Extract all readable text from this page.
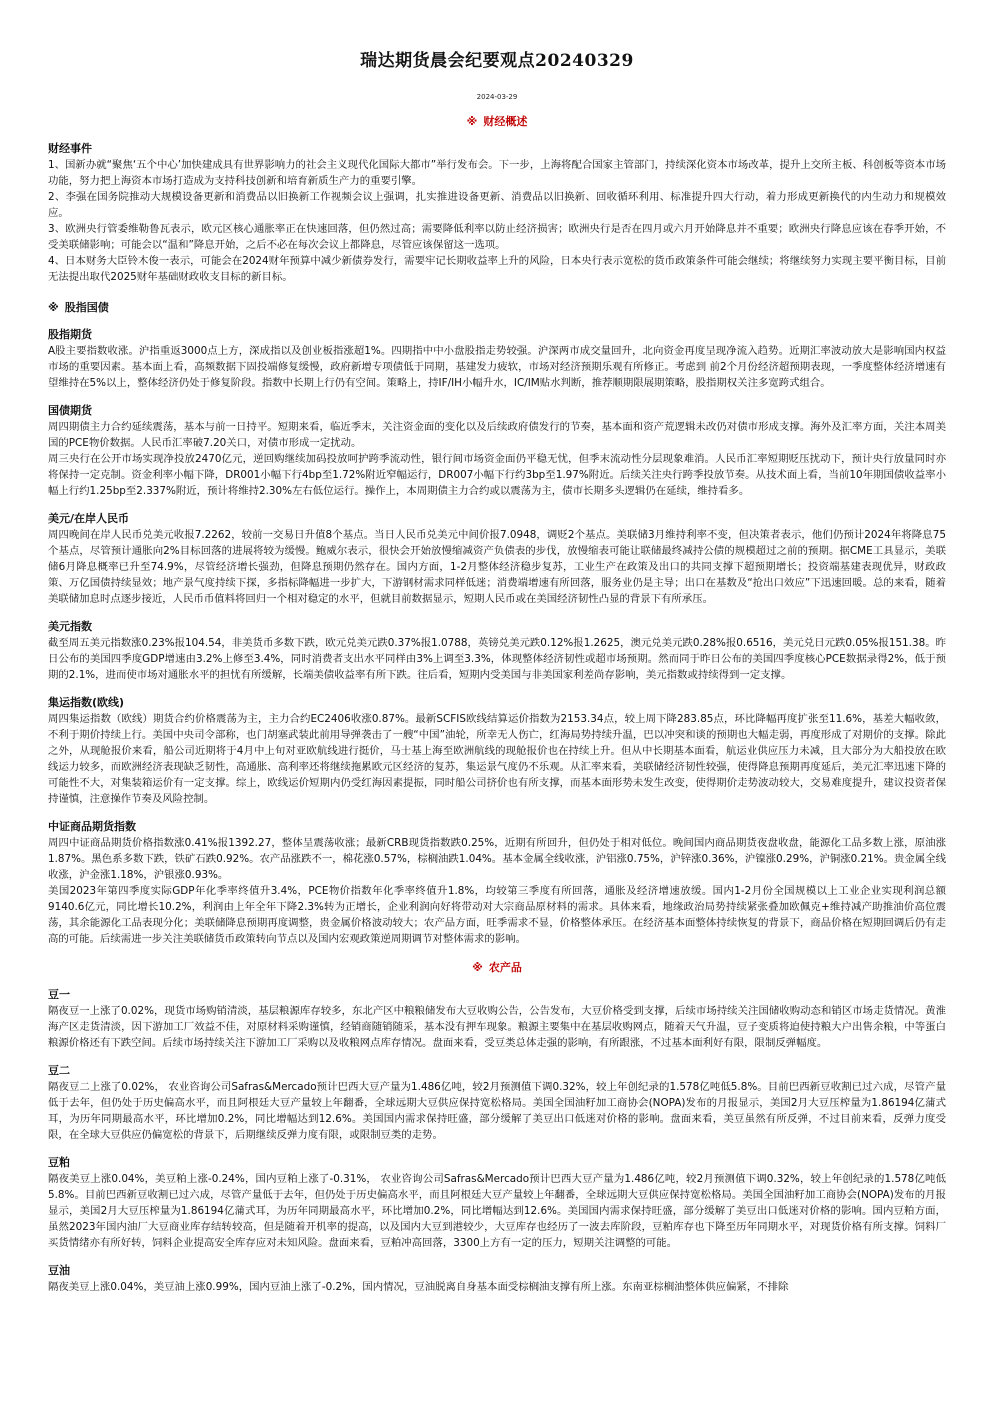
瑞达期货晨会纪要观点20240329
2024-03-29
※ 财经概述
财经事件

1、国新办就“聚焦‘五个中心’加快建成具有世界影响力的社会主义现代化国际大都市”举行发布会。下一步，上海将配合国家主管部门，持续深化资本市场改革，提升上交所主板、科创板等资本市场功能，努力把上海资本市场打造成为支持科技创新和培育新质生产力的重要引擎。

2、李强在国务院推动大规模设备更新和消费品以旧换新工作视频会议上强调，扎实推进设备更新、消费品以旧换新、回收循环利用、标准提升四大行动，着力形成更新换代的内生动力和规模效应。

3、欧洲央行管委维勒鲁瓦表示，欧元区核心通胀率正在快速回落，但仍然过高；需要降低利率以防止经济损害；欧洲央行是否在四月或六月开始降息并不重要；欧洲央行降息应该在春季开始，不受美联储影响；可能会以“温和”降息开始，之后不必在每次会议上都降息，尽管应该保留这一选项。

4、日本财务大臣铃木俊一表示，可能会在2024财年预算中减少新债券发行，需要牢记长期收益率上升的风险，日本央行表示宽松的货币政策条件可能会继续；将继续努力实现主要平衡目标，目前无法提出取代2025财年基础财政收支目标的新目标。

※ 股指国债
股指期货

A股主要指数收涨。沪指重返3000点上方，深成指以及创业板指涨超1%。四期指中中小盘股指走势较强。沪深两市成交量回升，北向资金再度呈现净流入趋势。近期汇率波动放大是影响国内权益市场的重要因素。基本面上看，高频数据下固投端修复缓慢，政府新增专项债低于同期，基建发力疲软，市场对经济预期乐观有所修正。考虑到 前2个月份经济超预期表现，一季度整体经济增速有望维持在5%以上，整体经济仍处于修复阶段。指数中长期上行仍有空间。策略上，持IF/IH小幅升水，IC/IM贴水判断，推荐顺期限展期策略，股指期权关注多宽跨式组合。

国债期货

周四期债主力合约延续震荡，基本与前一日持平。短期来看，临近季末，关注资金面的变化以及后续政府债发行的节奏，基本面和资产荒逻辑未改仍对债市形成支撑。海外及汇率方面，关注本周美国的PCE物价数据。人民币汇率破7.20关口，对债市形成一定扰动。

周三央行在公开市场实现净投放2470亿元，逆回购继续加码投放呵护跨季流动性，银行间市场资金面仍平稳无忧，但季末流动性分层现象难消。人民币汇率短期贬压扰动下，预计央行放量同时亦将保持一定克制。资金利率小幅下降，DR001小幅下行4bp至1.72%附近窄幅运行，DR007小幅下行约3bp至1.97%附近。后续关注央行跨季投放节奏。从技术面上看，当前10年期国债收益率小幅上行约1.25bp至2.337%附近，预计将维持2.30%左右低位运行。操作上，本周期债主力合约或以震荡为主，债市长期多头逻辑仍在延续，维持看多。

美元/在岸人民币

周四晚间在岸人民币兑美元收报7.2262，较前一交易日升值8个基点。当日人民币兑美元中间价报7.0948，调贬2个基点。美联储3月维持利率不变，但决策者表示，他们仍预计2024年将降息75个基点，尽管预计通胀向2%目标回落的进展将较为缓慢。鲍威尔表示，很快会开始放慢缩减资产负债表的步伐，放慢缩表可能让联储最终减持公债的规模超过之前的预期。据CME工具显示，美联储6月降息概率已升至74.9%，尽管经济增长强劲，但降息预期仍然存在。国内方面，1-2月整体经济稳步复苏，工业生产在政策及出口的共同支撑下超预期增长；投资端基建表现优异，财政政策、万亿国债持续显效；地产景气度持续下探，多指标降幅进一步扩大，下游钢材需求同样低迷；消费端增速有所回落，服务业仍是主导；出口在基数及“抢出口效应”下迅速回暖。总的来看，随着美联储加息时点逐步接近，人民币币值料将回归一个相对稳定的水平，但就目前数据显示，短期人民币或在美国经济韧性凸显的背景下有所承压。

美元指数

截至周五美元指数涨0.23%报104.54，非美货币多数下跌，欧元兑美元跌0.37%报1.0788，英镑兑美元跌0.12%报1.2625，澳元兑美元跌0.28%报0.6516，美元兑日元跌0.05%报151.38。昨日公布的美国四季度GDP增速由3.2%上修至3.4%，同时消费者支出水平同样由3%上调至3.3%，体现整体经济韧性或超市场预期。然而同于昨日公布的美国四季度核心PCE数据录得2%，低于预期的2.1%，进而使市场对通胀水平的担忧有所缓解，长端美债收益率有所下跌。往后看，短期内受美国与非美国家利差尚存影响，美元指数或持续得到一定支撑。

集运指数(欧线)

周四集运指数（欧线）期货合约价格震荡为主，主力合约EC2406收涨0.87%。最新SCFIS欧线结算运价指数为2153.34点，较上周下降283.85点，环比降幅再度扩张至11.6%，基差大幅收敛，不利于期价持续上行。美国中央司令部称，也门胡塞武装此前用导弹袭击了一艘“中国”油轮，所幸无人伤亡，红海局势持续升温，巴以冲突和谈的预期也大幅走弱，再度形成了对期价的支撑。除此之外，从现舱报价来看，船公司近期将于4月中上旬对亚欧航线进行挺价，马士基上海至欧洲航线的现舱报价也在持续上升。但从中长期基本面看，航运业供应压力未减，且大部分为大船投放在欧线运力较多，而欧洲经济表现缺乏韧性，高通胀、高利率还将继续拖累欧元区经济的复苏，集运景气度仍不乐观。从汇率来看，美联储经济韧性较强，使得降息预期再度延后，美元汇率迅速下降的可能性不大，对集装箱运价有一定支撑。综上，欧线运价短期内仍受红海因素提振，同时船公司挤价也有所支撑，而基本面形势未发生改变，使得期价走势波动较大，交易难度提升，建议投资者保持谨慎，注意操作节奏及风险控制。

中证商品期货指数

周四中证商品期货价格指数涨0.41%报1392.27，整体呈震荡收涨；最新CRB现货指数跌0.25%，近期有所回升，但仍处于相对低位。晚间国内商品期货夜盘收盘，能源化工品多数上涨，原油涨1.87%。黑色系多数下跌，铁矿石跌0.92%。农产品涨跌不一，棉花涨0.57%，棕榈油跌1.04%。基本金属全线收涨，沪铝涨0.75%，沪锌涨0.36%，沪镍涨0.29%，沪铜涨0.21%。贵金属全线收涨，沪金涨1.18%，沪银涨0.93%。

美国2023年第四季度实际GDP年化季率终值升3.4%，PCE物价指数年化季率终值升1.8%，均较第三季度有所回落，通胀及经济增速放缓。国内1-2月份全国规模以上工业企业实现利润总额9140.6亿元，同比增长10.2%，利润由上年全年下降2.3%转为正增长，企业利润向好将带动对大宗商品原材料的需求。具体来看，地缘政治局势持续紧张叠加欧佩克+维持减产助推油价高位震荡，其余能源化工品表现分化；美联储降息预期再度调整，贵金属价格波动较大；农产品方面，旺季需求不显，价格整体承压。在经济基本面整体持续恢复的背景下，商品价格在短期回调后仍有走高的可能。后续需进一步关注美联储货币政策转向节点以及国内宏观政策逆周期调节对整体需求的影响。

※ 农产品
豆一

隔夜豆一上涨了0.02%，现货市场购销清淡，基层粮源库存较多，东北产区中粮粮储发布大豆收购公告，公告发布，大豆价格受到支撑，后续市场持续关注国储收购动态和销区市场走货情况。黄淮海产区走货清淡，因下游加工厂效益不佳，对原材料采购谨慎，经销商随销随采，基本没有押车现象。粮源主要集中在基层收购网点，随着天气升温，豆子变质将迫使持粮大户出售余粮，中等蛋白粮源价格还有下跌空间。后续市场持续关注下游加工厂采购以及收粮网点库存情况。盘面来看，受豆类总体走强的影响，有所跟涨，不过基本面利好有限，限制反弹幅度。

豆二

隔夜豆二上涨了0.02%， 农业咨询公司Safras&Mercado预计巴西大豆产量为1.486亿吨，较2月预测值下调0.32%，较上年创纪录的1.578亿吨低5.8%。目前巴西新豆收割已过六成，尽管产量低于去年，但仍处于历史偏高水平，而且阿根廷大豆产量较上年翻番，全球远期大豆供应保持宽松格局。美国全国油籽加工商协会(NOPA)发布的月报显示，美国2月大豆压榨量为1.86194亿蒲式耳，为历年同期最高水平，环比增加0.2%，同比增幅达到12.6%。美国国内需求保持旺盛，部分缓解了美豆出口低迷对价格的影响。盘面来看，美豆虽然有所反弹，不过目前来看，反弹力度受限，在全球大豆供应仍偏宽松的背景下，后期继续反弹力度有限，或限制豆类的走势。

豆粕

隔夜美豆上涨0.04%，美豆粕上涨-0.24%，国内豆粕上涨了-0.31%， 农业咨询公司Safras&Mercado预计巴西大豆产量为1.486亿吨，较2月预测值下调0.32%，较上年创纪录的1.578亿吨低5.8%。目前巴西新豆收割已过六成，尽管产量低于去年，但仍处于历史偏高水平，而且阿根廷大豆产量较上年翻番，全球远期大豆供应保持宽松格局。美国全国油籽加工商协会(NOPA)发布的月报显示，美国2月大豆压榨量为1.86194亿蒲式耳，为历年同期最高水平，环比增加0.2%，同比增幅达到12.6%。美国国内需求保持旺盛，部分缓解了美豆出口低迷对价格的影响。国内豆粕方面，虽然2023年国内油厂大豆商业库存结转较高，但是随着开机率的提高，以及国内大豆到港较少，大豆库存也经历了一波去库阶段，豆粕库存也下降至历年同期水平，对现货价格有所支撑。饲料厂买货情绪亦有所好转，饲料企业提高安全库存应对未知风险。盘面来看，豆粕冲高回落，3300上方有一定的压力，短期关注调整的可能。

豆油

隔夜美豆上涨0.04%，美豆油上涨0.99%，国内豆油上涨了-0.2%，国内情况，豆油脱离自身基本面受棕榈油支撑有所上涨。东南亚棕榈油整体供应偏紧，不排除
